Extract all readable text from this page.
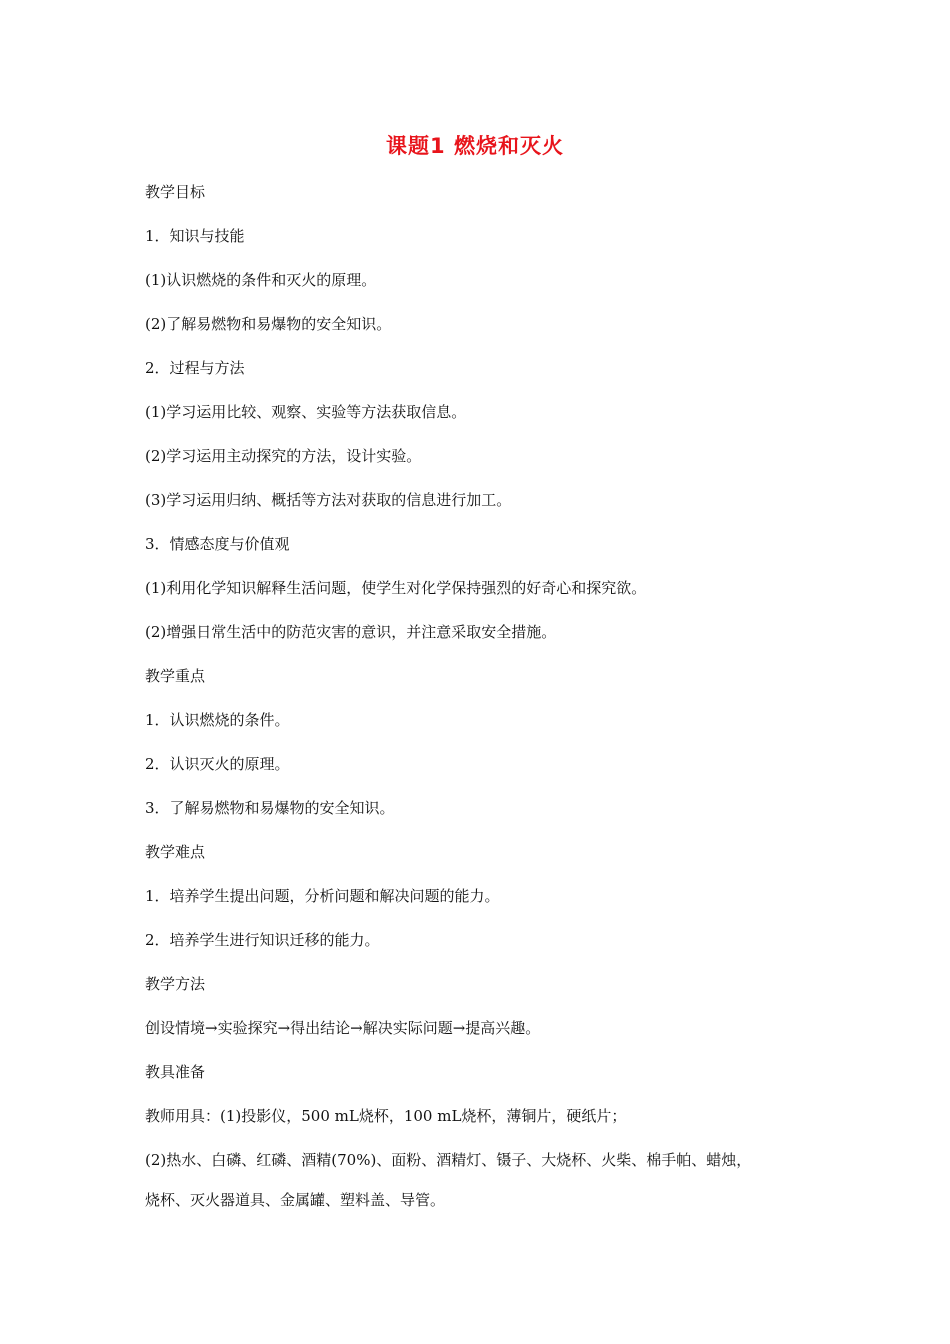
课题1 燃烧和灭火
教学目标
1．知识与技能
(1)认识燃烧的条件和灭火的原理。
(2)了解易燃物和易爆物的安全知识。
2．过程与方法
(1)学习运用比较、观察、实验等方法获取信息。
(2)学习运用主动探究的方法，设计实验。
(3)学习运用归纳、概括等方法对获取的信息进行加工。
3．情感态度与价值观
(1)利用化学知识解释生活问题，使学生对化学保持强烈的好奇心和探究欲。
(2)增强日常生活中的防范灾害的意识，并注意采取安全措施。
教学重点
1．认识燃烧的条件。
2．认识灭火的原理。
3．了解易燃物和易爆物的安全知识。
教学难点
1．培养学生提出问题，分析问题和解决问题的能力。
2．培养学生进行知识迁移的能力。
教学方法
创设情境→实验探究→得出结论→解决实际问题→提高兴趣。
教具准备
教师用具：(1)投影仪，500 mL烧杯，100 mL烧杯，薄铜片，硬纸片；
(2)热水、白磷、红磷、酒精(70%)、面粉、酒精灯、镊子、大烧杯、火柴、棉手帕、蜡烛，
烧杯、灭火器道具、金属罐、塑料盖、导管。
